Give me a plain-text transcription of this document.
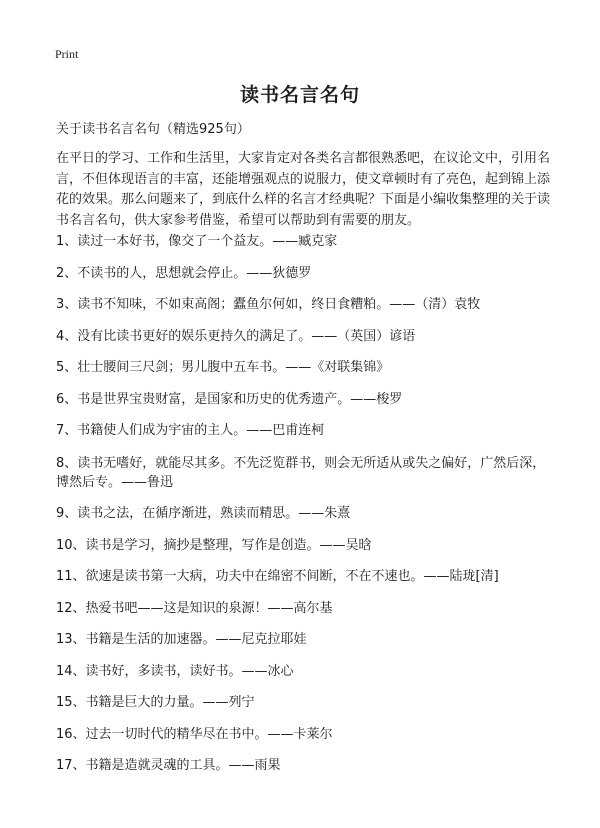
Print
读书名言名句

关于读书名言名句（精选925句）

在平日的学习、工作和生活里，大家肯定对各类名言都很熟悉吧，在议论文中，引用名言，不但体现语言的丰富，还能增强观点的说服力，使文章顿时有了亮色，起到锦上添花的效果。那么问题来了，到底什么样的名言才经典呢？下面是小编收集整理的关于读书名言名句，供大家参考借鉴，希望可以帮助到有需要的朋友。

1、读过一本好书，像交了一个益友。——臧克家
2、不读书的人，思想就会停止。——狄德罗
3、读书不知味，不如束高阁；蠹鱼尔何如，终日食糟粕。——（清）袁牧
4、没有比读书更好的娱乐更持久的满足了。——（英国）谚语
5、壮士腰间三尺剑；男儿腹中五车书。——《对联集锦》
6、书是世界宝贵财富，是国家和历史的优秀遗产。——梭罗
7、书籍使人们成为宇宙的主人。——巴甫连柯
8、读书无嗜好，就能尽其多。不先泛览群书，则会无所适从或失之偏好，广然后深，博然后专。——鲁迅
9、读书之法，在循序渐进，熟读而精思。——朱熹
10、读书是学习，摘抄是整理，写作是创造。——吴晗
11、欲速是读书第一大病，功夫中在绵密不间断，不在不速也。——陆珑[清]
12、热爱书吧——这是知识的泉源！——高尔基
13、书籍是生活的加速器。——尼克拉耶娃
14、读书好，多读书，读好书。——冰心
15、书籍是巨大的力量。——列宁
16、过去一切时代的精华尽在书中。——卡莱尔
17、书籍是造就灵魂的工具。——雨果
